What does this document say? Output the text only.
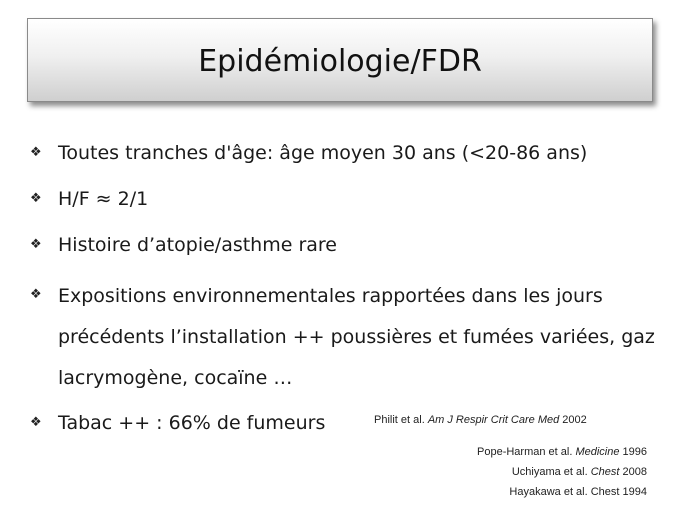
Epidémiologie/FDR
❖ Toutes tranches d'âge: âge moyen 30 ans (<20-86 ans)
❖ H/F ≈ 2/1
❖ Histoire d’atopie/asthme rare
❖ Expositions environnementales rapportées dans les jours
précédents l’installation ++ poussières et fumées variées, gaz
lacrymogène, cocaïne …
❖ Tabac ++ : 66% de fumeurs	Philit et al. Am J Respir Crit Care Med 2002
Pope-Harman et al. Medicine 1996
Uchiyama et al. Chest 2008
Hayakawa et al. Chest 1994
